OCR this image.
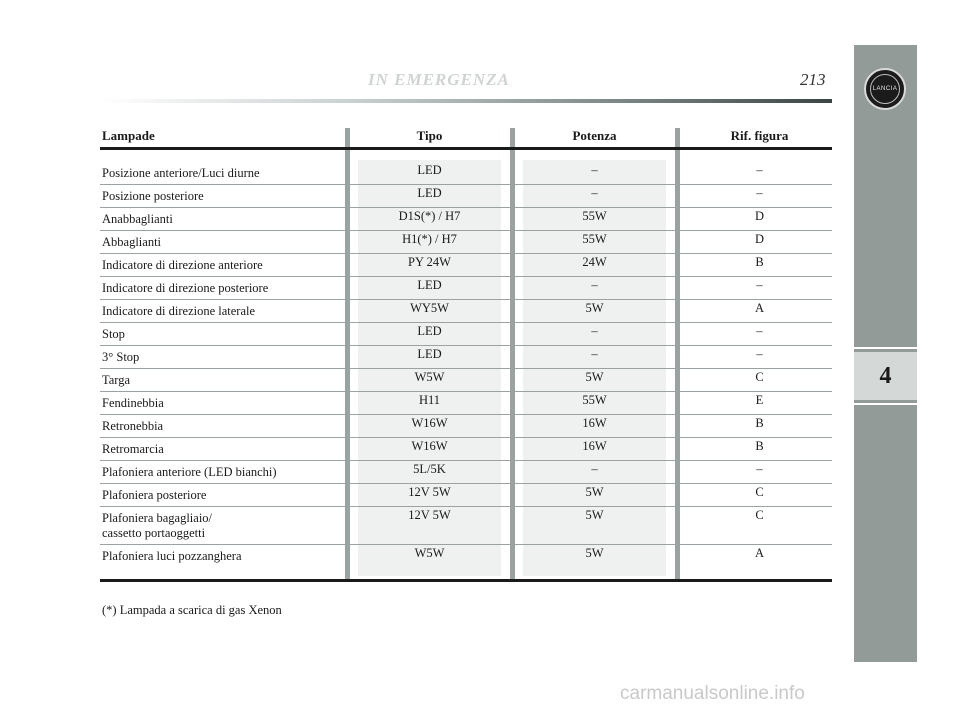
IN EMERGENZA	213	LANCIA
4
Lampade	Tipo	Potenza	Rif. figura
Posizione anteriore/Luci diurne	LED	–	–
Posizione posteriore	LED	–	–
Anabbaglianti	D1S(*) / H7	55W	D
Abbaglianti	H1(*) / H7	55W	D
Indicatore di direzione anteriore	PY 24W	24W	B
Indicatore di direzione posteriore	LED	–	–
Indicatore di direzione laterale	WY5W	5W	A
Stop	LED	–	–
3° Stop	LED	–	–
Targa	W5W	5W	C
Fendinebbia	H11	55W	E
Retronebbia	W16W	16W	B
Retromarcia	W16W	16W	B
Plafoniera anteriore (LED bianchi)	5L/5K	–	–
Plafoniera posteriore	12V 5W	5W	C
Plafoniera bagagliaio/
cassetto portaoggetti
12V 5W	5W	C
Plafoniera luci pozzanghera	W5W	5W	A
(*) Lampada a scarica di gas Xenon
carmanualsonline.info
